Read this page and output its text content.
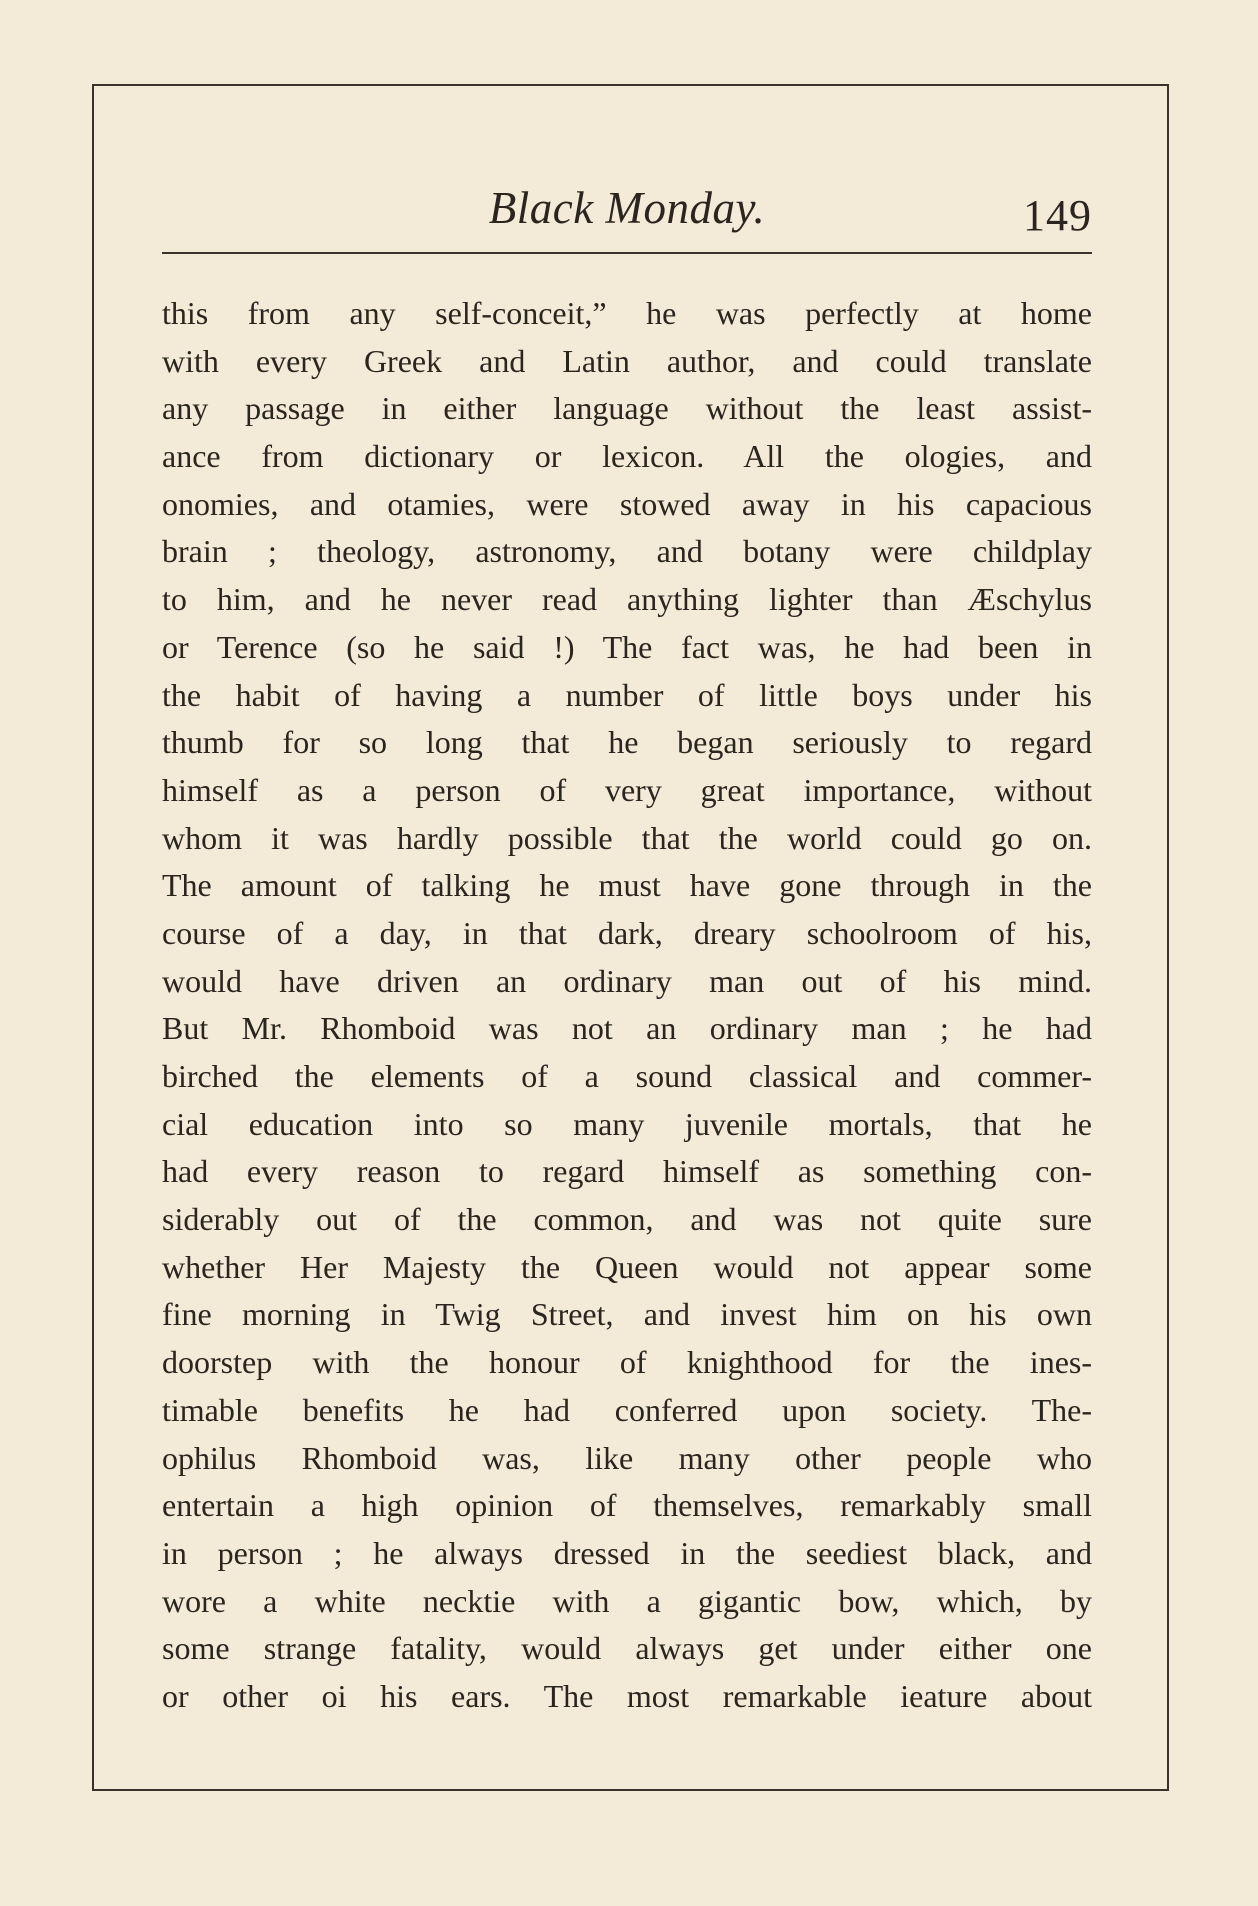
Black Monday.	149
this from any self-conceit,” he was perfectly at home
with every Greek and Latin author, and could translate
any passage in either language without the least assist-
ance from dictionary or lexicon. All the ologies, and
onomies, and otamies, were stowed away in his capacious
brain ; theology, astronomy, and botany were childplay
to him, and he never read anything lighter than Æschylus
or Terence (so he said !) The fact was, he had been in
the habit of having a number of little boys under his
thumb for so long that he began seriously to regard
himself as a person of very great importance, without
whom it was hardly possible that the world could go on.
The amount of talking he must have gone through in the
course of a day, in that dark, dreary schoolroom of his,
would have driven an ordinary man out of his mind.
But Mr. Rhomboid was not an ordinary man ; he had
birched the elements of a sound classical and commer-
cial education into so many juvenile mortals, that he
had every reason to regard himself as something con-
siderably out of the common, and was not quite sure
whether Her Majesty the Queen would not appear some
fine morning in Twig Street, and invest him on his own
doorstep with the honour of knighthood for the ines-
timable benefits he had conferred upon society. The-
ophilus Rhomboid was, like many other people who
entertain a high opinion of themselves, remarkably small
in person ; he always dressed in the seediest black, and
wore a white necktie with a gigantic bow, which, by
some strange fatality, would always get under either one
or other oi his ears. The most remarkable ieature about
